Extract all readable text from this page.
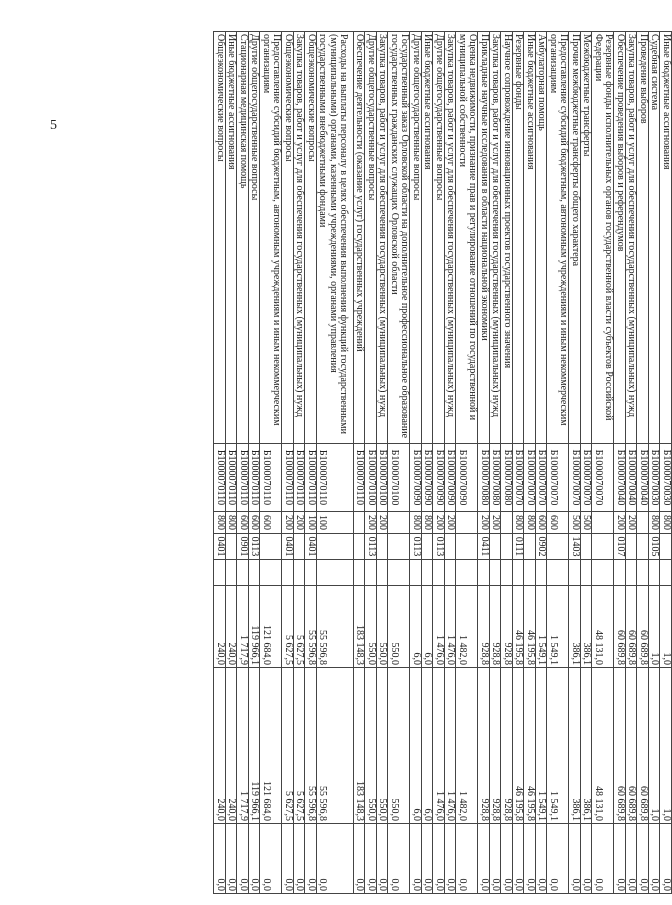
5	Иные бюджетные ассигнования	Б1000070030	800			1,0	1,0	0,0
Судебная система	Б1000070030	800	0105		1,0	1,0	0,0
Проведение выборов	Б1000070040				60 689,8	60 689,8	0,0
Закупка товаров, работ и услуг для обеспечения государственных (муниципальных) нужд	Б1000070040	200			60 689,8	60 689,8	0,0
Обеспечение проведения выборов и референдумов	Б1000070040	200	0107		60 689,8	60 689,8	0,0
Резервные фонды исполнительных органов государственной власти субъектов Российской Федерации	Б1000070070				48 131,0	48 131,0	0,0
Межбюджетные трансферты	Б1000070070	500			386,1	386,1	0,0
Прочие межбюджетные трансферты общего характера	Б1000070070	500	1403		386,1	386,1	0,0
Предоставление субсидий бюджетным, автономным учреждениям и иным некоммерческим организациям	Б1000070070	600			1 549,1	1 549,1	0,0
Амбулаторная помощь	Б1000070070	600	0902		1 549,1	1 549,1	0,0
Иные бюджетные ассигнования	Б1000070070	800			46 195,8	46 195,8	0,0
Резервные фонды	Б1000070070	800	0111		46 195,8	46 195,8	0,0
Научное сопровождение инновационных проектов государственного значения	Б1000070080				928,8	928,8	0,0
Закупка товаров, работ и услуг для обеспечения государственных (муниципальных) нужд	Б1000070080	200			928,8	928,8	0,0
Прикладные научные исследования в области национальной экономики	Б1000070080	200	0411		928,8	928,8	0,0
Оценка недвижимости, признание прав и регулирование отношений по государственной и муниципальной собственности	Б1000070090				1 482,0	1 482,0	0,0
Закупка товаров, работ и услуг для обеспечения государственных (муниципальных) нужд	Б1000070090	200			1 476,0	1 476,0	0,0
Другие общегосударственные вопросы	Б1000070090	200	0113		1 476,0	1 476,0	0,0
Иные бюджетные ассигнования	Б1000070090	800			6,0	6,0	0,0
Другие общегосударственные вопросы	Б1000070090	800	0113		6,0	6,0	0,0
Государственный заказ Орловской области на дополнительное профессиональное образование государственных гражданских служащих Орловской области	Б1000070100				550,0	550,0	0,0
Закупка товаров, работ и услуг для обеспечения государственных (муниципальных) нужд	Б1000070100	200			550,0	550,0	0,0
Другие общегосударственные вопросы	Б1000070100	200	0113		550,0	550,0	0,0
Обеспечение деятельности (оказание услуг) государственных учреждений	Б1000070110				183 148,3	183 148,3	0,0
Расходы на выплаты персоналу в целях обеспечения выполнения функций государственными (муниципальными) органами, казенными учреждениями, органами управления государственными внебюджетными фондами	Б1000070110	100			55 596,8	55 596,8	0,0
Общеэкономические вопросы	Б1000070110	100	0401		55 596,8	55 596,8	0,0
Закупка товаров, работ и услуг для обеспечения государственных (муниципальных) нужд	Б1000070110	200			5 627,5	5 627,5	0,0
Общеэкономические вопросы	Б1000070110	200	0401		5 627,5	5 627,5	0,0
Предоставление субсидий бюджетным, автономным учреждениям и иным некоммерческим организациям	Б1000070110	600			121 684,0	121 684,0	0,0
Другие общегосударственные вопросы	Б1000070110	600	0113		119 966,1	119 966,1	0,0
Стационарная медицинская помощь	Б1000070110	600	0901		1 717,9	1 717,9	0,0
Иные бюджетные ассигнования	Б1000070110	800			240,0	240,0	0,0
Общеэкономические вопросы	Б1000070110	800	0401		240,0	240,0	0,0
